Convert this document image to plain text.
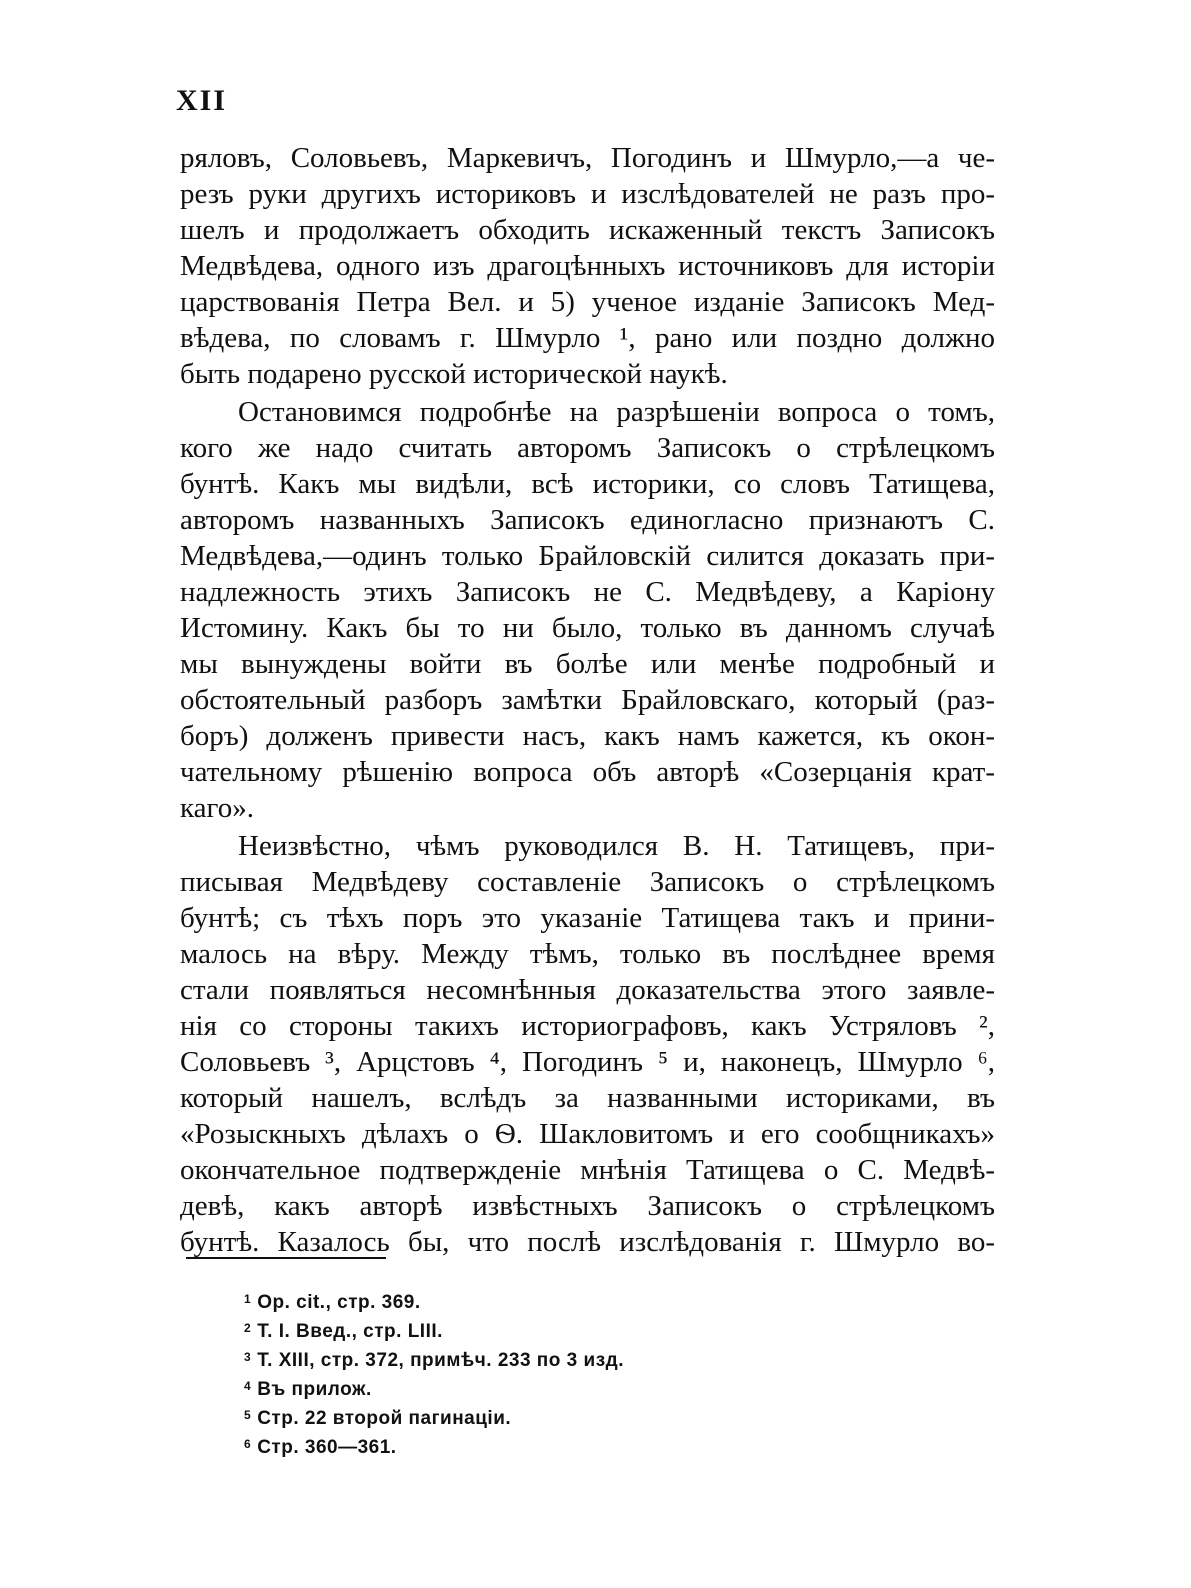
XII
ряловъ, Соловьевъ, Маркевичъ, Погодинъ и Шмурло,—а че-
резъ руки другихъ историковъ и изслѣдователей не разъ про-
шелъ и продолжаетъ обходить искаженный текстъ Записокъ
Медвѣдева, одного изъ драгоцѣнныхъ источниковъ для исторіи
царствованія Петра Вел. и 5) ученое изданіе Записокъ Мед-
вѣдева, по словамъ г. Шмурло ¹, рано или поздно должно
быть подарено русской исторической наукѣ.
Остановимся подробнѣе на разрѣшеніи вопроса о томъ,
кого же надо считать авторомъ Записокъ о стрѣлецкомъ
бунтѣ. Какъ мы видѣли, всѣ историки, со словъ Татищева,
авторомъ названныхъ Записокъ единогласно признаютъ С.
Медвѣдева,—одинъ только Брайловскій силится доказать при-
надлежность этихъ Записокъ не С. Медвѣдеву, а Каріону
Истомину. Какъ бы то ни было, только въ данномъ случаѣ
мы вынуждены войти въ болѣе или менѣе подробный и
обстоятельный разборъ замѣтки Брайловскаго, который (раз-
боръ) долженъ привести насъ, какъ намъ кажется, къ окон-
чательному рѣшенію вопроса объ авторѣ «Созерцанія крат-
каго».
Неизвѣстно, чѣмъ руководился В. Н. Татищевъ, при-
писывая Медвѣдеву составленіе Записокъ о стрѣлецкомъ
бунтѣ; съ тѣхъ поръ это указаніе Татищева такъ и прини-
малось на вѣру. Между тѣмъ, только въ послѣднее время
стали появляться несомнѣнныя доказательства этого заявле-
нія со стороны такихъ историографовъ, какъ Устряловъ ²,
Соловьевъ ³, Арцстовъ ⁴, Погодинъ ⁵ и, наконецъ, Шмурло ⁶,
который нашелъ, вслѣдъ за названными историками, въ
«Розыскныхъ дѣлахъ о Ѳ. Шакловитомъ и его сообщникахъ»
окончательное подтвержденіе мнѣнія Татищева о С. Медвѣ-
девѣ, какъ авторѣ извѣстныхъ Записокъ о стрѣлецкомъ
бунтѣ. Казалось бы, что послѣ изслѣдованія г. Шмурло во-
$^1$ Op. cit., стр. 369.
$^2$ Т. I. Введ., стр. LIII.
$^3$ Т. XIII, стр. 372, примѣч. 233 по 3 изд.
$^4$ Въ прилож.
$^5$ Стр. 22 второй пагинаціи.
$^6$ Стр. 360—361.
